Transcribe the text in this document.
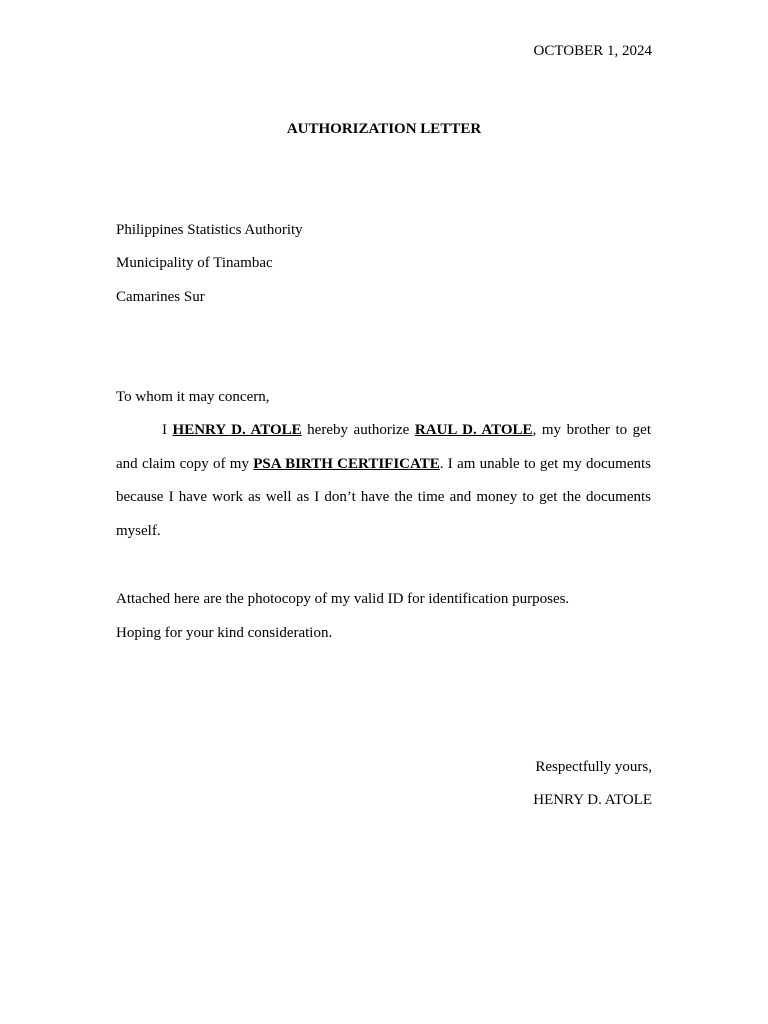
OCTOBER 1, 2024
AUTHORIZATION LETTER
Philippines Statistics Authority
Municipality of Tinambac
Camarines Sur
To whom it may concern,
I HENRY D. ATOLE hereby authorize RAUL D. ATOLE, my brother to get and claim copy of my PSA BIRTH CERTIFICATE. I am unable to get my documents because I have work as well as I don’t have the time and money to get the documents myself.
Attached here are the photocopy of my valid ID for identification purposes.
Hoping for your kind consideration.
Respectfully yours,
HENRY D. ATOLE
